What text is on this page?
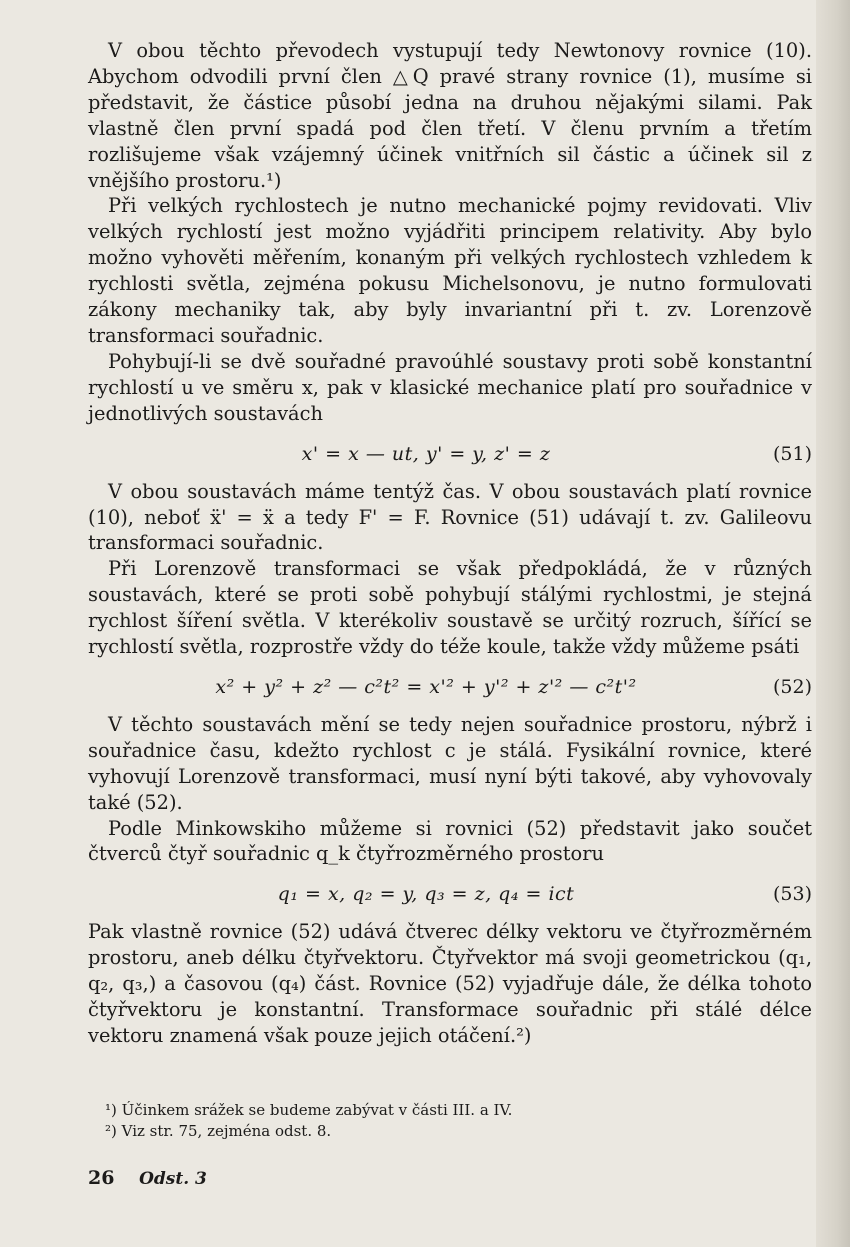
V obou těchto převodech vystupují tedy Newtonovy rovnice (10). Abychom odvodili první člen △Q pravé strany rovnice (1), musíme si představit, že částice působí jedna na druhou nějakými silami. Pak vlastně člen první spadá pod člen třetí. V členu prvním a třetím rozlišujeme však vzájemný účinek vnitřních sil částic a účinek sil z vnějšího prostoru.¹)

Při velkých rychlostech je nutno mechanické pojmy revidovati. Vliv velkých rychlostí jest možno vyjádřiti principem relativity. Aby bylo možno vyhověti měřením, konaným při velkých rychlostech vzhledem k rychlosti světla, zejména pokusu Michelsonovu, je nutno formulovati zákony mechaniky tak, aby byly invariantní při t. zv. Lorenzově transformaci souřadnic.

Pohybují-li se dvě souřadné pravoúhlé soustavy proti sobě konstantní rychlostí u ve směru x, pak v klasické mechanice platí pro souřadnice v jednotlivých soustavách

x' = x — ut, y' = y, z' = z	(51)

V obou soustavách máme tentýž čas. V obou soustavách platí rovnice (10), neboť ẍ' = ẍ a tedy F' = F. Rovnice (51) udávají t. zv. Galileovu transformaci souřadnic.

Při Lorenzově transformaci se však předpokládá, že v různých soustavách, které se proti sobě pohybují stálými rychlostmi, je stejná rychlost šíření světla. V kterékoliv soustavě se určitý rozruch, šířící se rychlostí světla, rozprostře vždy do téže koule, takže vždy můžeme psáti

x² + y² + z² — c²t² = x'² + y'² + z'² — c²t'²	(52)

V těchto soustavách mění se tedy nejen souřadnice prostoru, nýbrž i souřadnice času, kdežto rychlost c je stálá. Fysikální rovnice, které vyhovují Lorenzově transformaci, musí nyní býti takové, aby vyhovovaly také (52).

Podle Minkowskiho můžeme si rovnici (52) představit jako součet čtverců čtyř souřadnic q_k čtyřrozměrného prostoru

q₁ = x, q₂ = y, q₃ = z, q₄ = ict	(53)

Pak vlastně rovnice (52) udává čtverec délky vektoru ve čtyřrozměrném prostoru, aneb délku čtyřvektoru. Čtyřvektor má svoji geometrickou (q₁, q₂, q₃,) a časovou (q₄) část. Rovnice (52) vyjadřuje dále, že délka tohoto čtyřvektoru je konstantní. Transformace souřadnic při stálé délce vektoru znamená však pouze jejich otáčení.²)

¹) Účinkem srážek se budeme zabývat v části III. a IV.
²) Viz str. 75, zejména odst. 8.
26 Odst. 3
